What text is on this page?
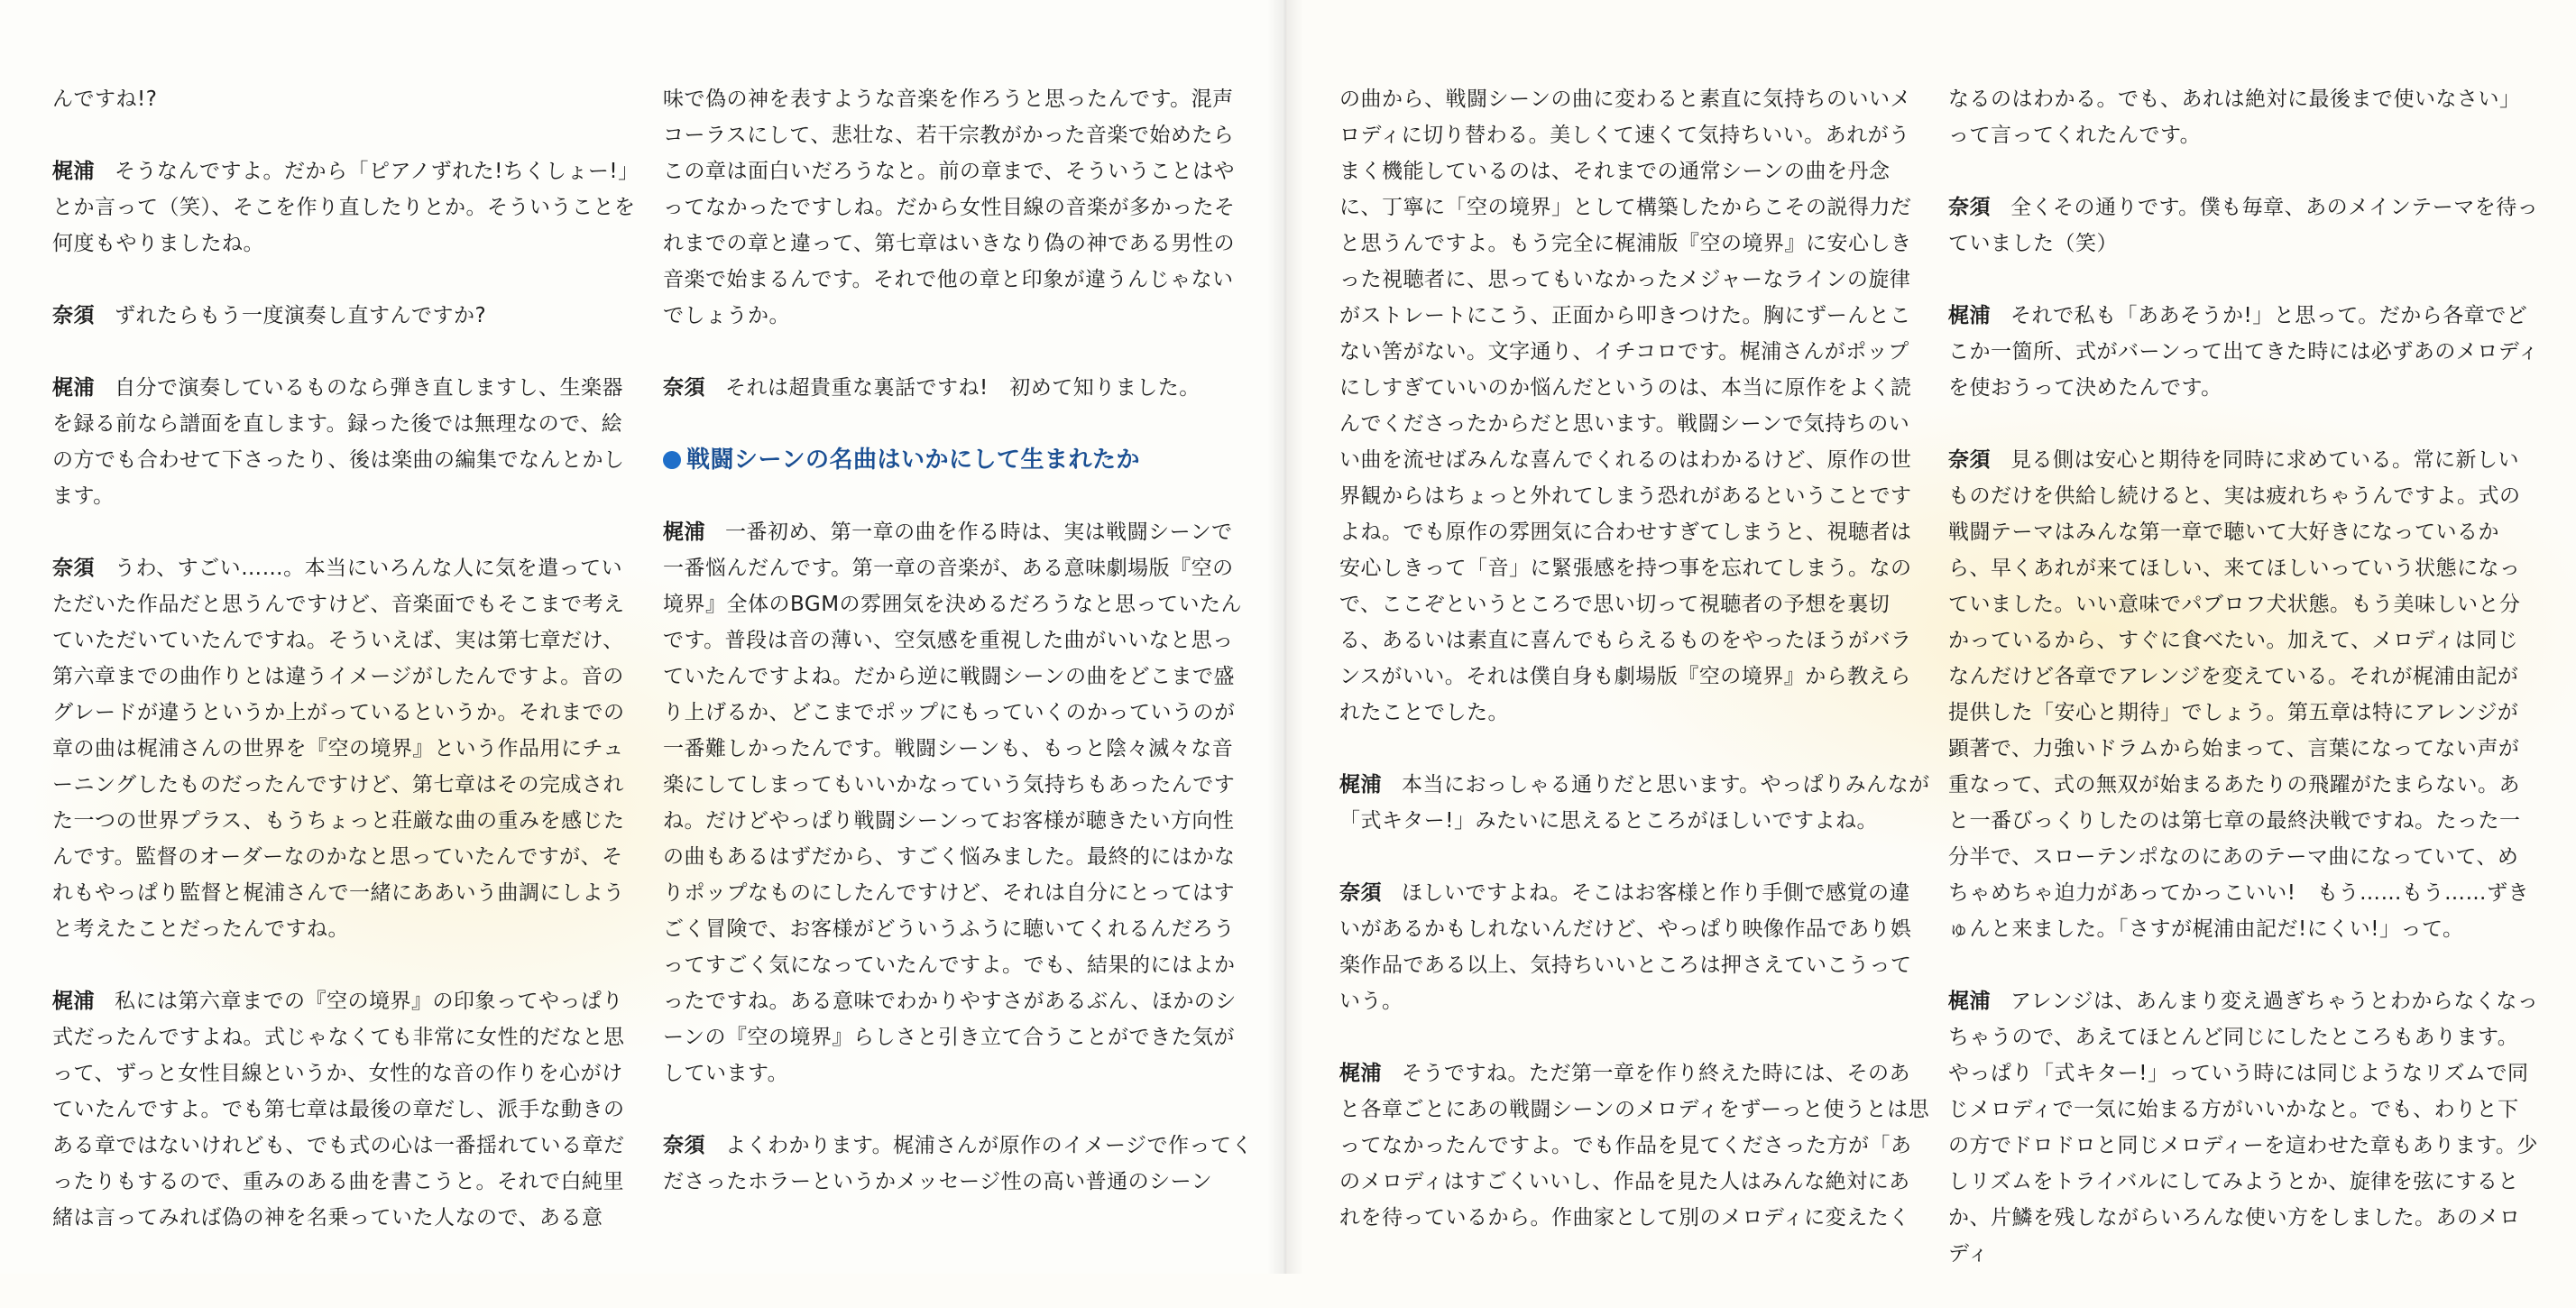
んですね!?

梶浦 そうなんですよ。だから「ピアノずれた!ちくしょー!」とか言って（笑）、そこを作り直したりとか。そういうことを何度もやりましたね。

奈須 ずれたらもう一度演奏し直すんですか?

梶浦 自分で演奏しているものなら弾き直しますし、生楽器を録る前なら譜面を直します。録った後では無理なので、絵の方でも合わせて下さったり、後は楽曲の編集でなんとかします。

奈須 うわ、すごい……。本当にいろんな人に気を遣っていただいた作品だと思うんですけど、音楽面でもそこまで考えていただいていたんですね。そういえば、実は第七章だけ、第六章までの曲作りとは違うイメージがしたんですよ。音のグレードが違うというか上がっているというか。それまでの章の曲は梶浦さんの世界を『空の境界』という作品用にチューニングしたものだったんですけど、第七章はその完成された一つの世界プラス、もうちょっと荘厳な曲の重みを感じたんです。監督のオーダーなのかなと思っていたんですが、それもやっぱり監督と梶浦さんで一緒にああいう曲調にしようと考えたことだったんですね。

梶浦 私には第六章までの『空の境界』の印象ってやっぱり式だったんですよね。式じゃなくても非常に女性的だなと思って、ずっと女性目線というか、女性的な音の作りを心がけていたんですよ。でも第七章は最後の章だし、派手な動きのある章ではないけれども、でも式の心は一番揺れている章だったりもするので、重みのある曲を書こうと。それで白純里緒は言ってみれば偽の神を名乗っていた人なので、ある意

味で偽の神を表すような音楽を作ろうと思ったんです。混声コーラスにして、悲壮な、若干宗教がかった音楽で始めたらこの章は面白いだろうなと。前の章まで、そういうことはやってなかったですしね。だから女性目線の音楽が多かったそれまでの章と違って、第七章はいきなり偽の神である男性の音楽で始まるんです。それで他の章と印象が違うんじゃないでしょうか。

奈須 それは超貴重な裏話ですね!　初めて知りました。

戦闘シーンの名曲はいかにして生まれたか

梶浦 一番初め、第一章の曲を作る時は、実は戦闘シーンで一番悩んだんです。第一章の音楽が、ある意味劇場版『空の境界』全体のBGMの雰囲気を決めるだろうなと思っていたんです。普段は音の薄い、空気感を重視した曲がいいなと思っていたんですよね。だから逆に戦闘シーンの曲をどこまで盛り上げるか、どこまでポップにもっていくのかっていうのが一番難しかったんです。戦闘シーンも、もっと陰々滅々な音楽にしてしまってもいいかなっていう気持ちもあったんですね。だけどやっぱり戦闘シーンってお客様が聴きたい方向性の曲もあるはずだから、すごく悩みました。最終的にはかなりポップなものにしたんですけど、それは自分にとってはすごく冒険で、お客様がどういうふうに聴いてくれるんだろうってすごく気になっていたんですよ。でも、結果的にはよかったですね。ある意味でわかりやすさがあるぶん、ほかのシーンの『空の境界』らしさと引き立て合うことができた気がしています。

奈須 よくわかります。梶浦さんが原作のイメージで作ってくださったホラーというかメッセージ性の高い普通のシーン

の曲から、戦闘シーンの曲に変わると素直に気持ちのいいメロディに切り替わる。美しくて速くて気持ちいい。あれがうまく機能しているのは、それまでの通常シーンの曲を丹念に、丁寧に「空の境界」として構築したからこその説得力だと思うんですよ。もう完全に梶浦版『空の境界』に安心しきった視聴者に、思ってもいなかったメジャーなラインの旋律がストレートにこう、正面から叩きつけた。胸にずーんとこない筈がない。文字通り、イチコロです。梶浦さんがポップにしすぎていいのか悩んだというのは、本当に原作をよく読んでくださったからだと思います。戦闘シーンで気持ちのいい曲を流せばみんな喜んでくれるのはわかるけど、原作の世界観からはちょっと外れてしまう恐れがあるということですよね。でも原作の雰囲気に合わせすぎてしまうと、視聴者は安心しきって「音」に緊張感を持つ事を忘れてしまう。なので、ここぞというところで思い切って視聴者の予想を裏切る、あるいは素直に喜んでもらえるものをやったほうがバランスがいい。それは僕自身も劇場版『空の境界』から教えられたことでした。

梶浦 本当におっしゃる通りだと思います。やっぱりみんなが「式キター!」みたいに思えるところがほしいですよね。

奈須 ほしいですよね。そこはお客様と作り手側で感覚の違いがあるかもしれないんだけど、やっぱり映像作品であり娯楽作品である以上、気持ちいいところは押さえていこうっていう。

梶浦 そうですね。ただ第一章を作り終えた時には、そのあと各章ごとにあの戦闘シーンのメロディをずーっと使うとは思ってなかったんですよ。でも作品を見てくださった方が「あのメロディはすごくいいし、作品を見た人はみんな絶対にあれを待っているから。作曲家として別のメロディに変えたく

なるのはわかる。でも、あれは絶対に最後まで使いなさい」って言ってくれたんです。

奈須 全くその通りです。僕も毎章、あのメインテーマを待っていました（笑）

梶浦 それで私も「ああそうか!」と思って。だから各章でどこか一箇所、式がバーンって出てきた時には必ずあのメロディを使おうって決めたんです。

奈須 見る側は安心と期待を同時に求めている。常に新しいものだけを供給し続けると、実は疲れちゃうんですよ。式の戦闘テーマはみんな第一章で聴いて大好きになっているから、早くあれが来てほしい、来てほしいっていう状態になっていました。いい意味でパブロフ犬状態。もう美味しいと分かっているから、すぐに食べたい。加えて、メロディは同じなんだけど各章でアレンジを変えている。それが梶浦由記が提供した「安心と期待」でしょう。第五章は特にアレンジが顕著で、力強いドラムから始まって、言葉になってない声が重なって、式の無双が始まるあたりの飛躍がたまらない。あと一番びっくりしたのは第七章の最終決戦ですね。たった一分半で、スローテンポなのにあのテーマ曲になっていて、めちゃめちゃ迫力があってかっこいい!　もう……もう……ずきゅんと来ました。「さすが梶浦由記だ!にくい!」って。

梶浦 アレンジは、あんまり変え過ぎちゃうとわからなくなっちゃうので、あえてほとんど同じにしたところもあります。やっぱり「式キター!」っていう時には同じようなリズムで同じメロディで一気に始まる方がいいかなと。でも、わりと下の方でドロドロと同じメロディーを這わせた章もあります。少しリズムをトライバルにしてみようとか、旋律を弦にするとか、片鱗を残しながらいろんな使い方をしました。あのメロディ
